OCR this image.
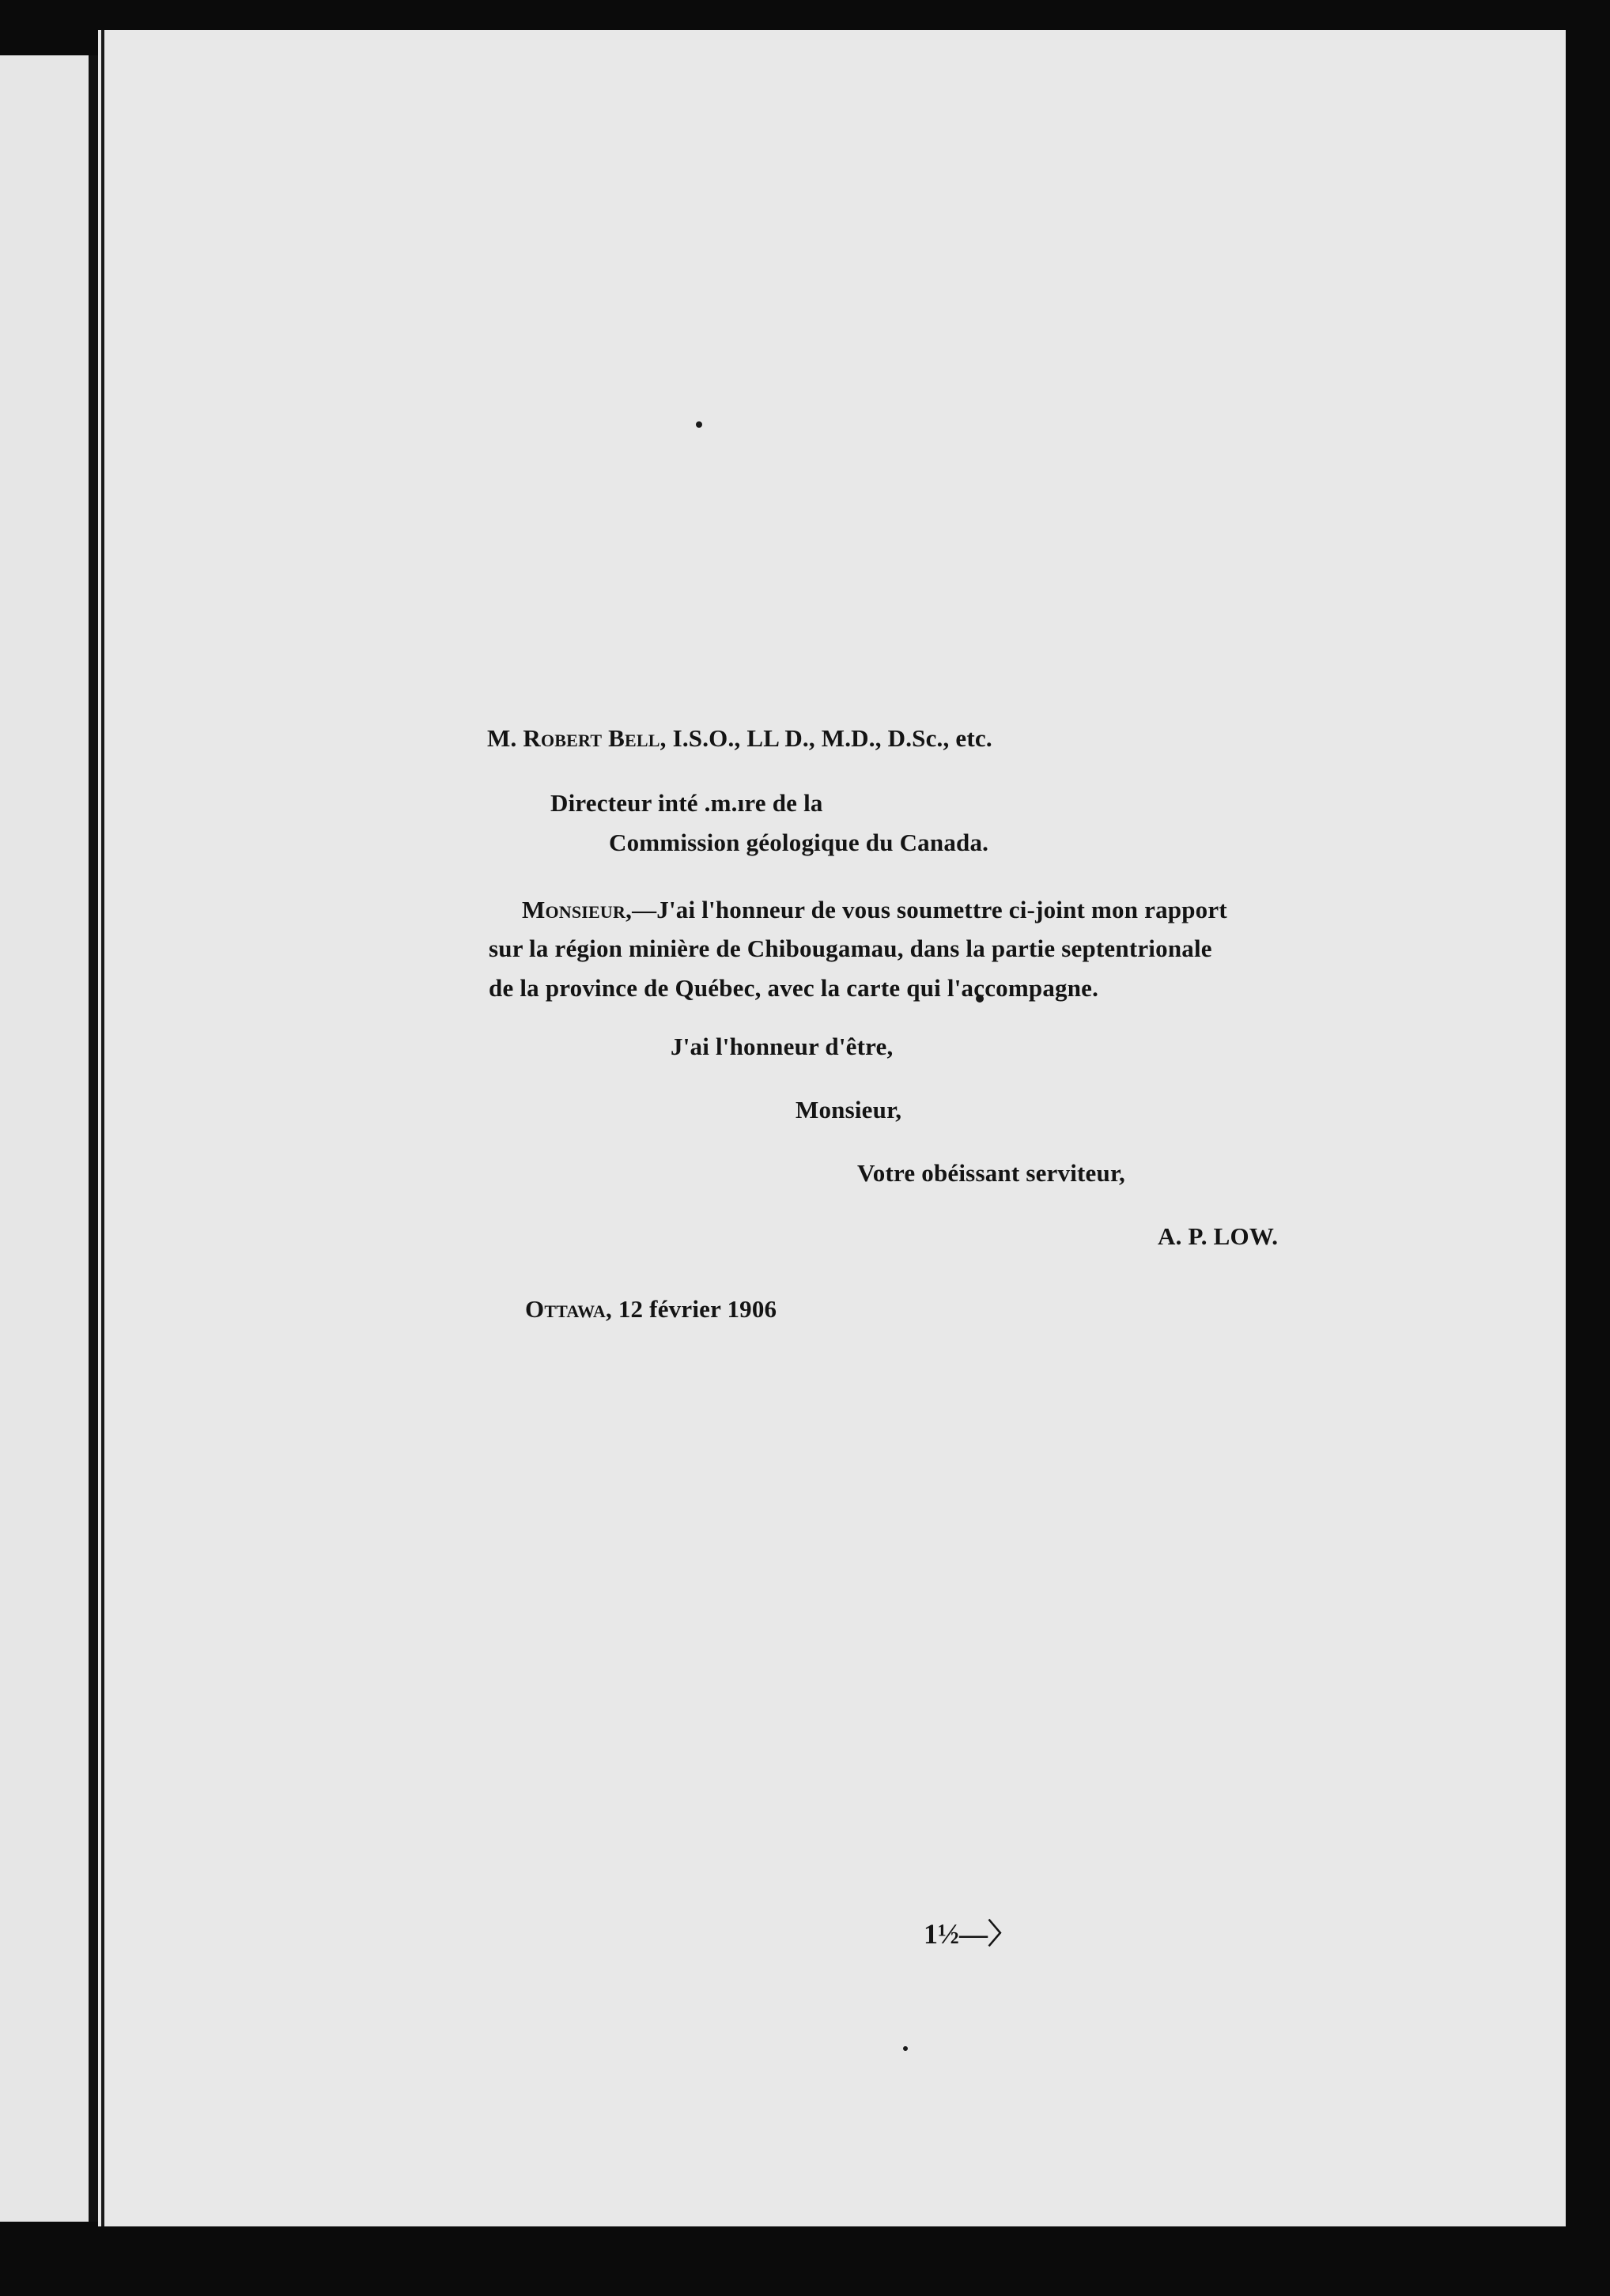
M. Robert Bell, I.S.O., LL D., M.D., D.Sc., etc.
Directeur inté .m.ıre de la
Commission géologique du Canada.
Monsieur,—J'ai l'honneur de vous soumettre ci-joint mon rapport
sur la région minière de Chibougamau, dans la partie septentrionale
de la province de Québec, avec la carte qui l'accompagne.
J'ai l'honneur d'être,
Monsieur,
Votre obéissant serviteur,
A. P. LOW.
Ottawa, 12 février 1906
1½—〉
